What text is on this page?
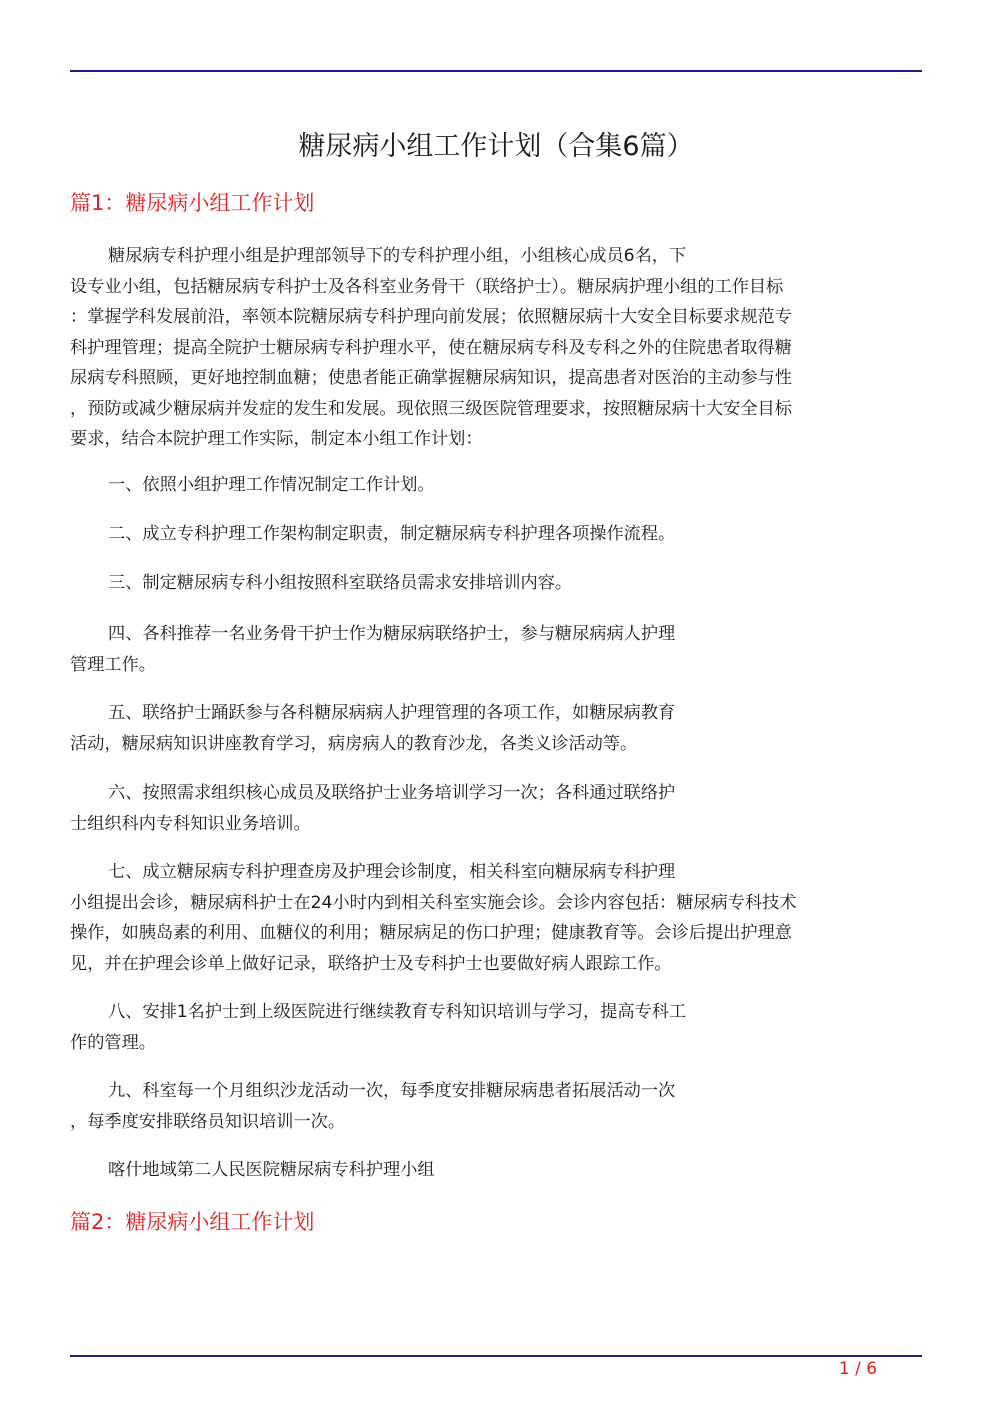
糖尿病小组工作计划（合集6篇）
篇1：糖尿病小组工作计划
糖尿病专科护理小组是护理部领导下的专科护理小组，小组核心成员6名，下
设专业小组，包括糖尿病专科护士及各科室业务骨干（联络护士）。糖尿病护理小组的工作目标
：掌握学科发展前沿，率领本院糖尿病专科护理向前发展；依照糖尿病十大安全目标要求规范专
科护理管理；提高全院护士糖尿病专科护理水平，使在糖尿病专科及专科之外的住院患者取得糖
尿病专科照顾，更好地控制血糖；使患者能正确掌握糖尿病知识，提高患者对医治的主动参与性
，预防或减少糖尿病并发症的发生和发展。现依照三级医院管理要求，按照糖尿病十大安全目标
要求，结合本院护理工作实际，制定本小组工作计划：
一、依照小组护理工作情况制定工作计划。
二、成立专科护理工作架构制定职责，制定糖尿病专科护理各项操作流程。
三、制定糖尿病专科小组按照科室联络员需求安排培训内容。
四、各科推荐一名业务骨干护士作为糖尿病联络护士，参与糖尿病病人护理
管理工作。
五、联络护士踊跃参与各科糖尿病病人护理管理的各项工作，如糖尿病教育
活动，糖尿病知识讲座教育学习，病房病人的教育沙龙，各类义诊活动等。
六、按照需求组织核心成员及联络护士业务培训学习一次；各科通过联络护
士组织科内专科知识业务培训。
七、成立糖尿病专科护理查房及护理会诊制度，相关科室向糖尿病专科护理
小组提出会诊，糖尿病科护士在24小时内到相关科室实施会诊。会诊内容包括：糖尿病专科技术
操作，如胰岛素的利用、血糖仪的利用；糖尿病足的伤口护理；健康教育等。会诊后提出护理意
见，并在护理会诊单上做好记录，联络护士及专科护士也要做好病人跟踪工作。
八、安排1名护士到上级医院进行继续教育专科知识培训与学习，提高专科工
作的管理。
九、科室每一个月组织沙龙活动一次，每季度安排糖尿病患者拓展活动一次
，每季度安排联络员知识培训一次。
喀什地域第二人民医院糖尿病专科护理小组
篇2：糖尿病小组工作计划
1 / 6
